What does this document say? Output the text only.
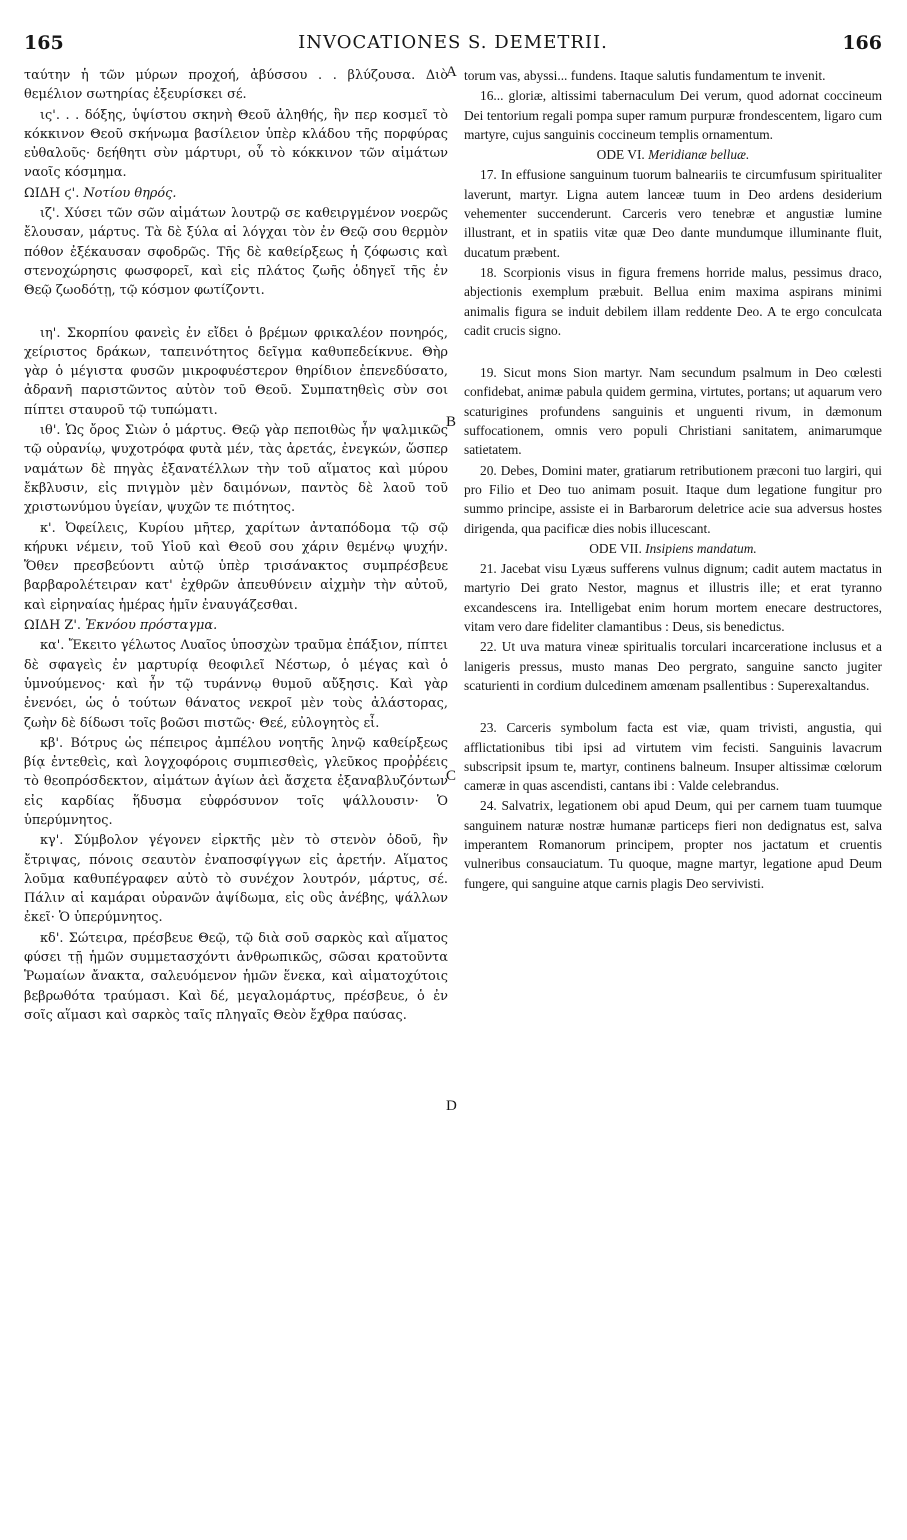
165	INVOCATIONES S. DEMETRII.	166
A
B
C
D

ταύτην ἡ τῶν μύρων προχοή, ἀβύσσου . . βλύζουσα. Διὸ θεμέλιον σωτηρίας ἐξευρίσκει σέ.

ις'. . . δόξης, ὑψίστου σκηνὴ Θεοῦ ἀληθής, ἣν περ κοσμεῖ τὸ κόκκινον Θεοῦ σκήνωμα βασίλειον ὑπὲρ κλάδου τῆς πορφύρας εὐθαλοῦς· δεήθητι σὺν μάρτυρι, οὗ τὸ κόκκινον τῶν αἱμάτων ναοῖς κόσμημα.

ΩΙΔΗ ϛ'. Νοτίου θηρός.

ιζ'. Χύσει τῶν σῶν αἱμάτων λουτρῷ σε καθειργμένον νοερῶς ἔλουσαν, μάρτυς. Τὰ δὲ ξύλα αἱ λόγχαι τὸν ἐν Θεῷ σου θερμὸν πόθον ἐξέκαυσαν σφοδρῶς. Τῆς δὲ καθείρξεως ἡ ζόφωσις καὶ στενοχώρησις φωσφορεῖ, καὶ εἰς πλάτος ζωῆς ὁδηγεῖ τῆς ἐν Θεῷ ζωοδότῃ, τῷ κόσμον φωτίζοντι.

ιη'. Σκορπίου φανεὶς ἐν εἴδει ὁ βρέμων φρικαλέον πονηρός, χείριστος δράκων, ταπεινότητος δεῖγμα καθυπεδείκνυε. Θὴρ γὰρ ὁ μέγιστα φυσῶν μικροφυέστερον θηρίδιον ἐπενεδύσατο, ἀδρανῆ παριστῶντος αὐτὸν τοῦ Θεοῦ. Συμπατηθεὶς σὺν σοι πίπτει σταυροῦ τῷ τυπώματι.

ιθ'. Ὡς ὄρος Σιὼν ὁ μάρτυς. Θεῷ γὰρ πεποιθὼς ἦν ψαλμικῶς τῷ οὐρανίῳ, ψυχοτρόφα φυτὰ μέν, τὰς ἀρετάς, ἐνεγκών, ὥσπερ ναμάτων δὲ πηγὰς ἐξανατέλλων τὴν τοῦ αἵματος καὶ μύρου ἔκβλυσιν, εἰς πνιγμὸν μὲν δαιμόνων, παντὸς δὲ λαοῦ τοῦ χριστωνύμου ὑγείαν, ψυχῶν τε πιότητος.

κ'. Ὀφείλεις, Κυρίου μῆτερ, χαρίτων ἀνταπόδομα τῷ σῷ κήρυκι νέμειν, τοῦ Υἱοῦ καὶ Θεοῦ σου χάριν θεμένῳ ψυχήν. Ὅθεν πρεσβεύοντι αὐτῷ ὑπὲρ τρισάνακτος συμπρέσβευε βαρβαρολέτειραν κατ' ἐχθρῶν ἀπευθύνειν αἰχμὴν τὴν αὐτοῦ, καὶ εἰρηναίας ἡμέρας ἡμῖν ἐναυγάζεσθαι.

ΩΙΔΗ Ζ'. Ἐκνόου πρόσταγμα.

κα'. Ἔκειτο γέλωτος Λυαῖος ὑποσχὼν τραῦμα ἐπάξιον, πίπτει δὲ σφαγεὶς ἐν μαρτυρίᾳ θεοφιλεῖ Νέστωρ, ὁ μέγας καὶ ὁ ὑμνούμενος· καὶ ἦν τῷ τυράννῳ θυμοῦ αὔξησις. Καὶ γὰρ ἐνενόει, ὡς ὁ τούτων θάνατος νεκροῖ μὲν τοὺς ἀλάστορας, ζωὴν δὲ δίδωσι τοῖς βοῶσι πιστῶς· Θεέ, εὐλογητὸς εἶ.

κβ'. Βότρυς ὡς πέπειρος ἀμπέλου νοητῆς ληνῷ καθείρξεως βίᾳ ἐντεθεὶς, καὶ λογχοφόροις συμπιεσθεὶς, γλεῦκος προῤῥέεις τὸ θεοπρόσδεκτον, αἱμάτων ἁγίων ἀεὶ ἄσχετα ἐξαναβλυζόντων εἰς καρδίας ἥδυσμα εὐφρόσυνον τοῖς ψάλλουσιν· Ὁ ὑπερύμνητος.

κγ'. Σύμβολον γέγονεν εἱρκτῆς μὲν τὸ στενὸν ὁδοῦ, ἣν ἔτριψας, πόνοις σεαυτὸν ἐναποσφίγγων εἰς ἀρετήν. Αἵματος λοῦμα καθυπέγραφεν αὐτὸ τὸ συνέχον λουτρόν, μάρτυς, σέ. Πάλιν αἱ καμάραι οὐρανῶν ἀψίδωμα, εἰς οὓς ἀνέβης, ψάλλων ἐκεῖ· Ὁ ὑπερύμνητος.

κδ'. Σώτειρα, πρέσβευε Θεῷ, τῷ διὰ σοῦ σαρκὸς καὶ αἵματος φύσει τῇ ἡμῶν συμμετασχόντι ἀνθρωπικῶς, σῶσαι κρατοῦντα Ῥωμαίων ἄνακτα, σαλευόμενον ἡμῶν ἕνεκα, καὶ αἱματοχύτοις βεβρωθότα τραύμασι. Καὶ δέ, μεγαλομάρτυς, πρέσβευε, ὁ ἐν σοῖς αἵμασι καὶ σαρκὸς ταῖς πληγαῖς Θεὸν ἔχθρα παύσας.

torum vas, abyssi... fundens. Itaque salutis fundamentum te invenit.

16... gloriæ, altissimi tabernaculum Dei verum, quod adornat coccineum Dei tentorium regali pompa super ramum purpuræ frondescentem, ligaro cum martyre, cujus sanguinis coccineum templis ornamentum.

ODE VI. Meridianæ belluæ.

17. In effusione sanguinum tuorum balneariis te circumfusum spiritualiter laverunt, martyr. Ligna autem lanceæ tuum in Deo ardens desiderium vehementer succenderunt. Carceris vero tenebræ et angustiæ lumine illustrant, et in spatiis vitæ quæ Deo dante mundumque illuminante fluit, ducatum præbent.

18. Scorpionis visus in figura fremens horride malus, pessimus draco, abjectionis exemplum præbuit. Bellua enim maxima aspirans minimi animalis figura se induit debilem illam reddente Deo. A te ergo conculcata cadit crucis signo.

19. Sicut mons Sion martyr. Nam secundum psalmum in Deo cœlesti confidebat, animæ pabula quidem germina, virtutes, portans; ut aquarum vero scaturigines profundens sanguinis et unguenti rivum, in dæmonum suffocationem, omnis vero populi Christiani sanitatem, animarumque satietatem.

20. Debes, Domini mater, gratiarum retributionem præconi tuo largiri, qui pro Filio et Deo tuo animam posuit. Itaque dum legatione fungitur pro summo principe, assiste ei in Barbarorum deletrice acie sua adversus hostes dirigenda, qua pacificæ dies nobis illucescant.

ODE VII. Insipiens mandatum.

21. Jacebat visu Lyæus sufferens vulnus dignum; cadit autem mactatus in martyrio Dei grato Nestor, magnus et illustris ille; et erat tyranno excandescens ira. Intelligebat enim horum mortem enecare destructores, vitam vero dare fideliter clamantibus : Deus, sis benedictus.

22. Ut uva matura vineæ spiritualis torculari incarceratione inclusus et a lanigeris pressus, musto manas Deo pergrato, sanguine sancto jugiter scaturienti in cordium dulcedinem amœnam psallentibus : Superexaltandus.

23. Carceris symbolum facta est viæ, quam trivisti, angustia, qui afflictationibus tibi ipsi ad virtutem vim fecisti. Sanguinis lavacrum subscripsit ipsum te, martyr, continens balneum. Insuper altissimæ cœlorum cameræ in quas ascendisti, cantans ibi : Valde celebrandus.

24. Salvatrix, legationem obi apud Deum, qui per carnem tuam tuumque sanguinem naturæ nostræ humanæ particeps fieri non dedignatus est, salva imperantem Romanorum principem, propter nos jactatum et cruentis vulneribus consauciatum. Tu quoque, magne martyr, legatione apud Deum fungere, qui sanguine atque carnis plagis Deo servivisti.
